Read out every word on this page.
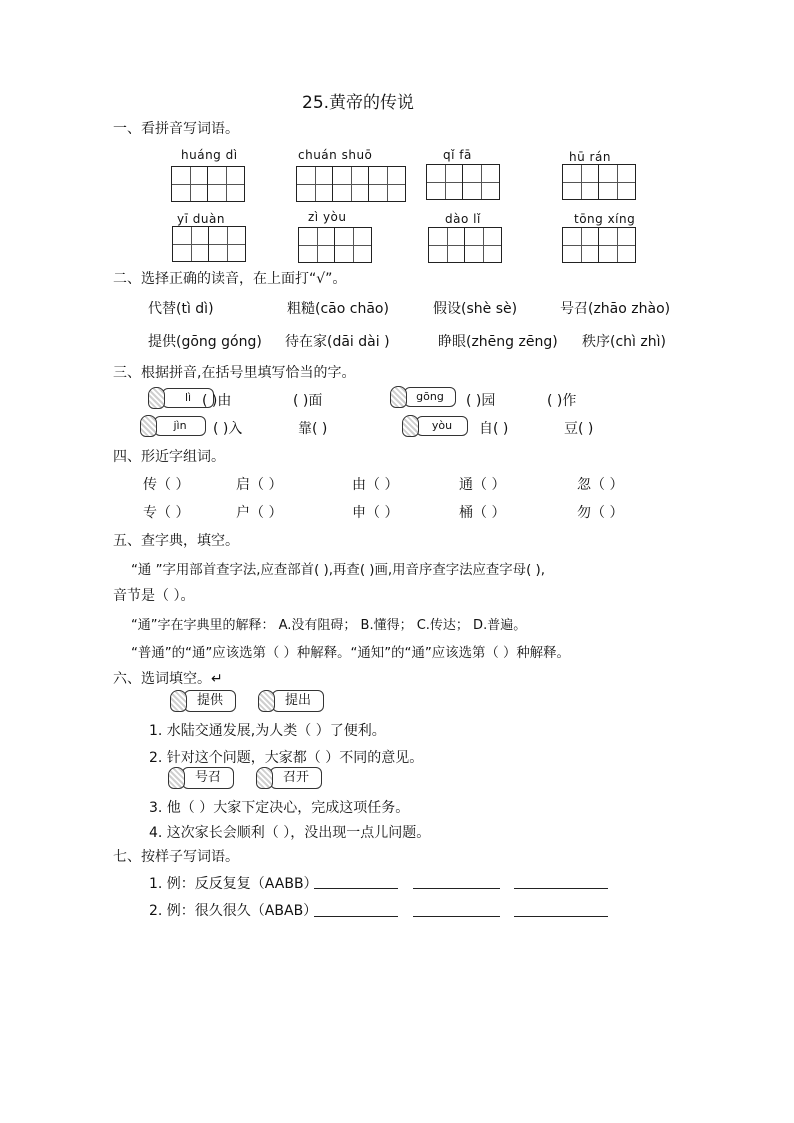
25.黄帝的传说
一、看拼音写词语。
huáng dì	chuán shuō	qǐ fā	hū rán
yī duàn	zì yòu	dào lǐ	tōng xíng
二、选择正确的读音，在上面打“√”。
代替(tì dì)	粗糙(cāo chāo)	假设(shè sè)	号召(zhāo zhào)
提供(gōng góng) 待在家(dāi dài )	睁眼(zhēng zēng) 秩序(chì zhì)
三、根据拼音,在括号里填写恰当的字。
lì ( )由	( )面	gōng	( )园	( )作
jìn	( )入	靠( )	yòu	自( )	豆( )
四、形近字组词。
传（ ）	启（ ）	由（ ）	通（ ）	忽（ ）
专（ ）	户（ ）	申（ ）	桶（ ）	勿（ ）
五、查字典，填空。
“通 ”字用部首查字法,应查部首( ),再查( )画,用音序查字法应查字母( ),
音节是（ ）。
“通”字在字典里的解释： A.没有阻碍； B.懂得； C.传达； D.普遍。
“普通”的“通”应该选第（ ）种解释。“通知”的“通”应该选第（ ）种解释。
六、选词填空。↵
提供	提出
1. 水陆交通发展,为人类（ ）了便利。
2. 针对这个问题，大家都（ ）不同的意见。
号召	召开
3. 他（ ）大家下定决心，完成这项任务。
4. 这次家长会顺利（ ），没出现一点儿问题。
七、按样子写词语。
1. 例：反反复复（AABB）
2. 例：很久很久（ABAB）
